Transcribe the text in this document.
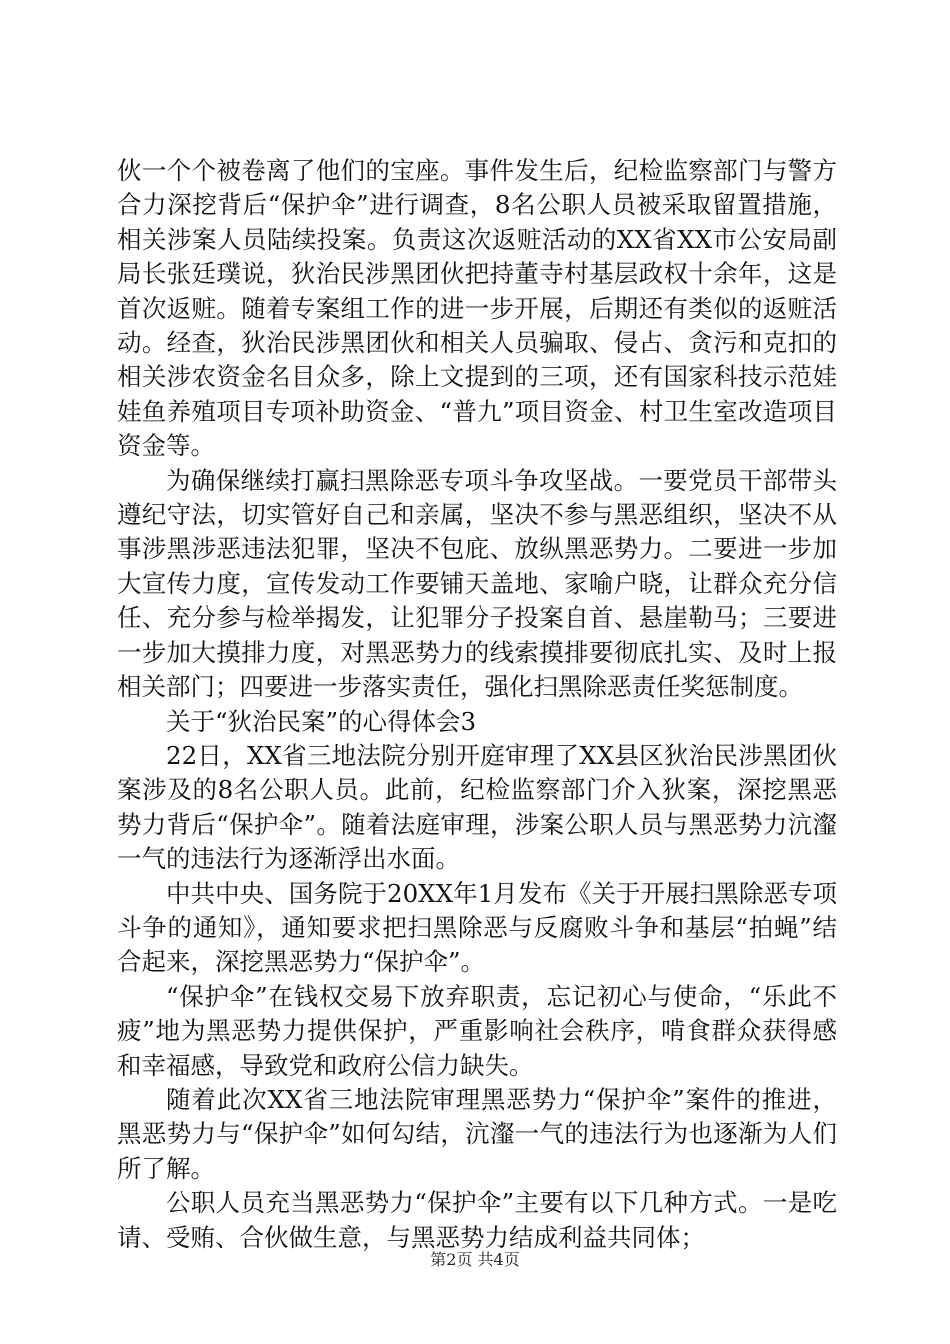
伙一个个被卷离了他们的宝座。事件发生后，纪检监察部门与警方合力深挖背后“保护伞”进行调查，8名公职人员被采取留置措施，相关涉案人员陆续投案。负责这次返赃活动的XX省XX市公安局副局长张廷璞说，狄治民涉黑团伙把持董寺村基层政权十余年，这是首次返赃。随着专案组工作的进一步开展，后期还有类似的返赃活动。经查，狄治民涉黑团伙和相关人员骗取、侵占、贪污和克扣的相关涉农资金名目众多，除上文提到的三项，还有国家科技示范娃娃鱼养殖项目专项补助资金、“普九”项目资金、村卫生室改造项目资金等。

为确保继续打赢扫黑除恶专项斗争攻坚战。一要党员干部带头遵纪守法，切实管好自己和亲属，坚决不参与黑恶组织，坚决不从事涉黑涉恶违法犯罪，坚决不包庇、放纵黑恶势力。二要进一步加大宣传力度，宣传发动工作要铺天盖地、家喻户晓，让群众充分信任、充分参与检举揭发，让犯罪分子投案自首、悬崖勒马；三要进一步加大摸排力度，对黑恶势力的线索摸排要彻底扎实、及时上报相关部门；四要进一步落实责任，强化扫黑除恶责任奖惩制度。

关于“狄治民案”的心得体会3

22日，XX省三地法院分别开庭审理了XX县区狄治民涉黑团伙案涉及的8名公职人员。此前，纪检监察部门介入狄案，深挖黑恶势力背后“保护伞”。随着法庭审理，涉案公职人员与黑恶势力沆瀣一气的违法行为逐渐浮出水面。

中共中央、国务院于20XX年1月发布《关于开展扫黑除恶专项斗争的通知》，通知要求把扫黑除恶与反腐败斗争和基层“拍蝇”结合起来，深挖黑恶势力“保护伞”。

“保护伞”在钱权交易下放弃职责，忘记初心与使命，“乐此不疲”地为黑恶势力提供保护，严重影响社会秩序，啃食群众获得感和幸福感，导致党和政府公信力缺失。

随着此次XX省三地法院审理黑恶势力“保护伞”案件的推进，黑恶势力与“保护伞”如何勾结，沆瀣一气的违法行为也逐渐为人们所了解。

公职人员充当黑恶势力“保护伞”主要有以下几种方式。一是吃请、受贿、合伙做生意，与黑恶势力结成利益共同体；

第2页 共4页
